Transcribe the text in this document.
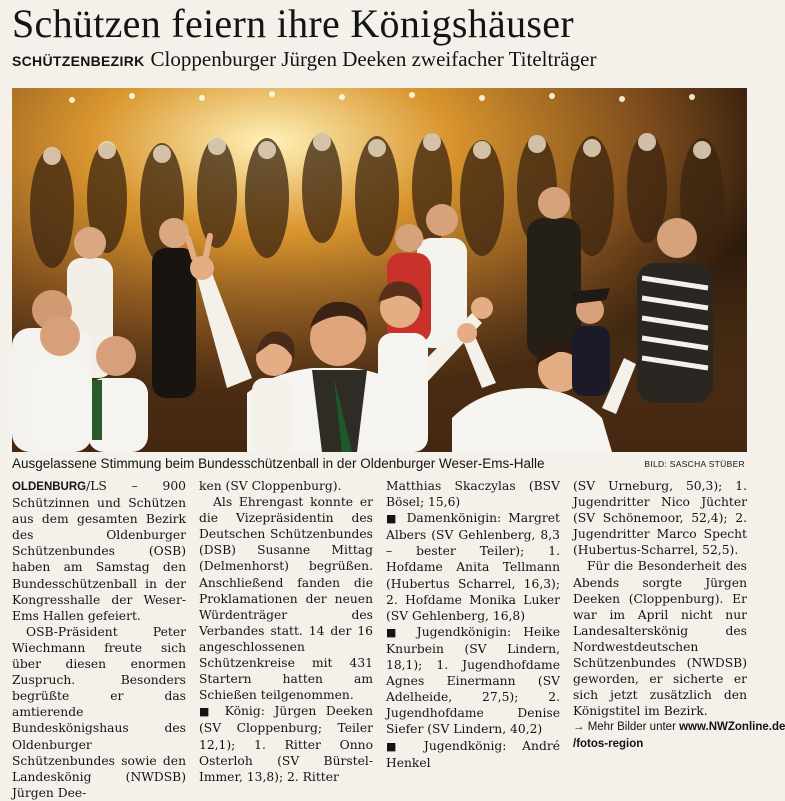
Schützen feiern ihre Königshäuser
SCHÜTZENBEZIRK Cloppenburger Jürgen Deeken zweifacher Titelträger
Ausgelassene Stimmung beim Bundesschützenball in der Oldenburger Weser-Ems-Halle	BILD: SASCHA STÜBER

OLDENBURG/LS – 900 Schützinnen und Schützen aus dem gesamten Bezirk des Oldenburger Schützenbundes (OSB) haben am Samstag den Bundesschützenball in der Kongresshalle der Weser-Ems Hallen gefeiert.

OSB-Präsident Peter Wiechmann freute sich über diesen enormen Zuspruch. Besonders begrüßte er das amtierende Bundeskönigshaus des Oldenburger Schützenbundes sowie den Landeskönig (NWDSB) Jürgen Dee-

ken (SV Cloppenburg).

Als Ehrengast konnte er die Vizepräsidentin des Deutschen Schützenbundes (DSB) Susanne Mittag (Delmenhorst) begrüßen. Anschließend fanden die Proklamationen der neuen Würdenträger des Verbandes statt. 14 der 16 angeschlossenen Schützenkreise mit 431 Startern hatten am Schießen teilgenommen.

■ König: Jürgen Deeken (SV Cloppenburg; Teiler 12,1); 1. Ritter Onno Osterloh (SV Bürstel-Immer, 13,8); 2. Ritter

Matthias Skaczylas (BSV Bösel; 15,6)

■ Damenkönigin: Margret Albers (SV Gehlenberg, 8,3 – bester Teiler); 1. Hofdame Anita Tellmann (Hubertus Scharrel, 16,3); 2. Hofdame Monika Luker (SV Gehlenberg, 16,8)

■ Jugendkönigin: Heike Knurbein (SV Lindern, 18,1); 1. Jugendhofdame Agnes Einermann (SV Adelheide, 27,5); 2. Jugendhofdame Denise Siefer (SV Lindern, 40,2)

■ Jugendkönig: André Henkel

(SV Urneburg, 50,3); 1. Jugendritter Nico Jüchter (SV Schönemoor, 52,4); 2. Jugendritter Marco Specht (Hubertus-Scharrel, 52,5).

Für die Besonderheit des Abends sorgte Jürgen Deeken (Cloppenburg). Er war im April nicht nur Landesalterskönig des Nordwestdeutschen Schützenbundes (NWDSB) geworden, er sicherte er sich jetzt zusätzlich den Königstitel im Bezirk.

→ Mehr Bilder unter www.NWZonline.de

/fotos-region
